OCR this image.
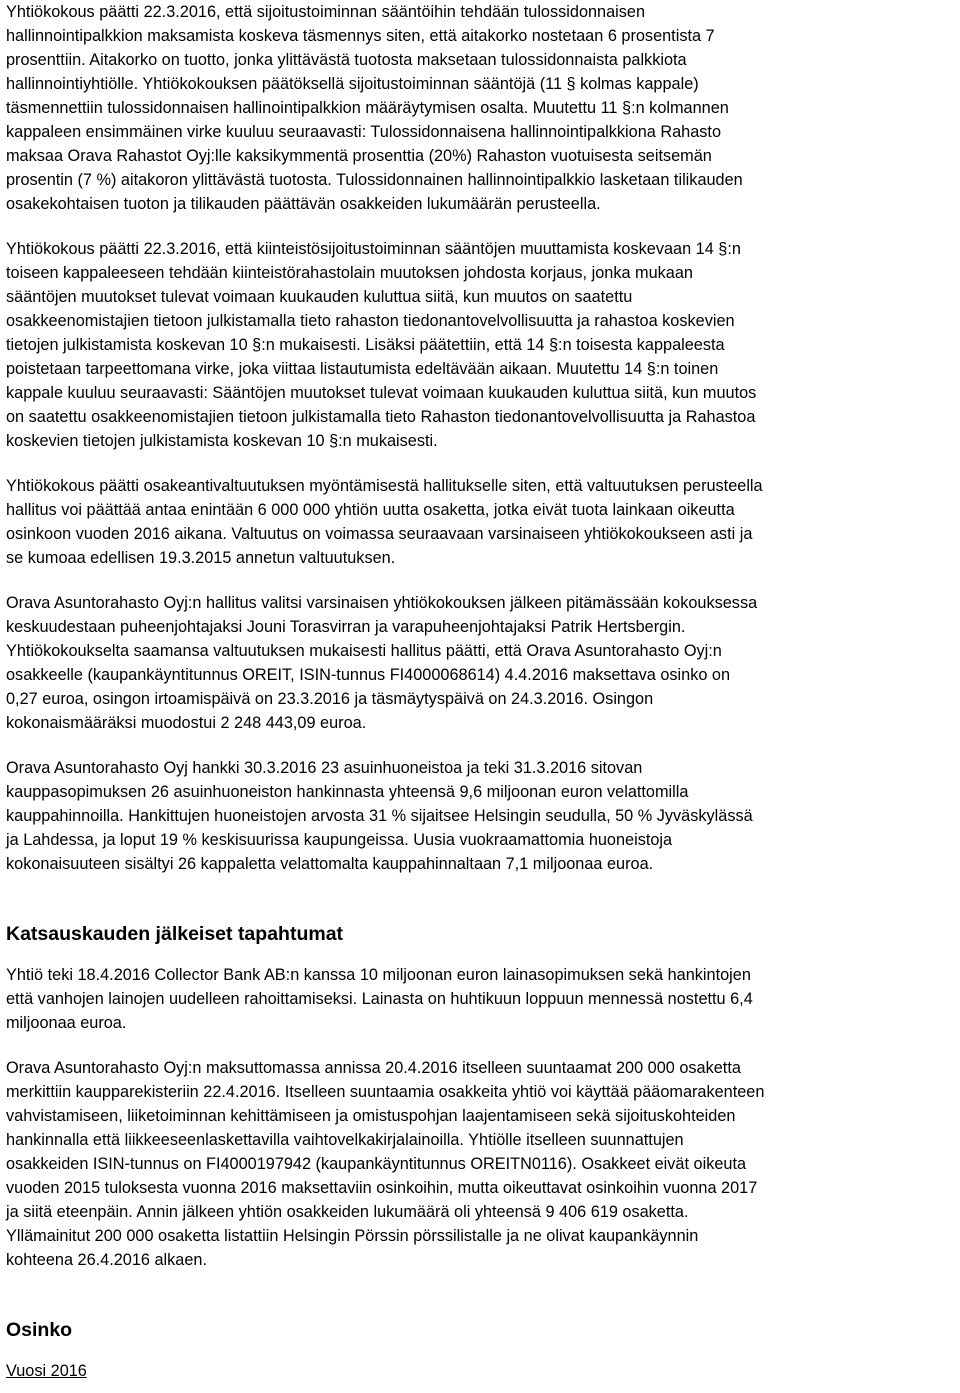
Yhtiökokous päätti 22.3.2016, että sijoitustoiminnan sääntöihin tehdään tulossidonnaisen
hallinnointipalkkion maksamista koskeva täsmennys siten, että aitakorko nostetaan 6 prosentista 7
prosenttiin. Aitakorko on tuotto, jonka ylittävästä tuotosta maksetaan tulossidonnaista palkkiota
hallinnointiyhtiölle. Yhtiökokouksen päätöksellä sijoitustoiminnan sääntöjä (11 § kolmas kappale)
täsmennettiin tulossidonnaisen hallinointipalkkion määräytymisen osalta. Muutettu 11 §:n kolmannen
kappaleen ensimmäinen virke kuuluu seuraavasti: Tulossidonnaisena hallinnointipalkkiona Rahasto
maksaa Orava Rahastot Oyj:lle kaksikymmentä prosenttia (20%) Rahaston vuotuisesta seitsemän
prosentin (7 %) aitakoron ylittävästä tuotosta. Tulossidonnainen hallinnointipalkkio lasketaan tilikauden
osakekohtaisen tuoton ja tilikauden päättävän osakkeiden lukumäärän perusteella.

Yhtiökokous päätti 22.3.2016, että kiinteistösijoitustoiminnan sääntöjen muuttamista koskevaan 14 §:n
toiseen kappaleeseen tehdään kiinteistörahastolain muutoksen johdosta korjaus, jonka mukaan
sääntöjen muutokset tulevat voimaan kuukauden kuluttua siitä, kun muutos on saatettu
osakkeenomistajien tietoon julkistamalla tieto rahaston tiedonantovelvollisuutta ja rahastoa koskevien
tietojen julkistamista koskevan 10 §:n mukaisesti. Lisäksi päätettiin, että 14 §:n toisesta kappaleesta
poistetaan tarpeettomana virke, joka viittaa listautumista edeltävään aikaan. Muutettu 14 §:n toinen
kappale kuuluu seuraavasti: Sääntöjen muutokset tulevat voimaan kuukauden kuluttua siitä, kun muutos
on saatettu osakkeenomistajien tietoon julkistamalla tieto Rahaston tiedonantovelvollisuutta ja Rahastoa
koskevien tietojen julkistamista koskevan 10 §:n mukaisesti.

Yhtiökokous päätti osakeantivaltuutuksen myöntämisestä hallitukselle siten, että valtuutuksen perusteella
hallitus voi päättää antaa enintään 6 000 000 yhtiön uutta osaketta, jotka eivät tuota lainkaan oikeutta
osinkoon vuoden 2016 aikana. Valtuutus on voimassa seuraavaan varsinaiseen yhtiökokoukseen asti ja
se kumoaa edellisen 19.3.2015 annetun valtuutuksen.

Orava Asuntorahasto Oyj:n hallitus valitsi varsinaisen yhtiökokouksen jälkeen pitämässään kokouksessa
keskuudestaan puheenjohtajaksi Jouni Torasvirran ja varapuheenjohtajaksi Patrik Hertsbergin.
Yhtiökokoukselta saamansa valtuutuksen mukaisesti hallitus päätti, että Orava Asuntorahasto Oyj:n
osakkeelle (kaupankäyntitunnus OREIT, ISIN-tunnus FI4000068614) 4.4.2016 maksettava osinko on
0,27 euroa, osingon irtoamispäivä on 23.3.2016 ja täsmäytyspäivä on 24.3.2016. Osingon
kokonaismääräksi muodostui 2 248 443,09 euroa.

Orava Asuntorahasto Oyj hankki 30.3.2016 23 asuinhuoneistoa ja teki 31.3.2016 sitovan
kauppasopimuksen 26 asuinhuoneiston hankinnasta yhteensä 9,6 miljoonan euron velattomilla
kauppahinnoilla. Hankittujen huoneistojen arvosta 31 % sijaitsee Helsingin seudulla, 50 % Jyväskylässä
ja Lahdessa, ja loput 19 % keskisuurissa kaupungeissa. Uusia vuokraamattomia huoneistoja
kokonaisuuteen sisältyi 26 kappaletta velattomalta kauppahinnaltaan 7,1 miljoonaa euroa.

Katsauskauden jälkeiset tapahtumat

Yhtiö teki 18.4.2016 Collector Bank AB:n kanssa 10 miljoonan euron lainasopimuksen sekä hankintojen
että vanhojen lainojen uudelleen rahoittamiseksi. Lainasta on huhtikuun loppuun mennessä nostettu 6,4
miljoonaa euroa.

Orava Asuntorahasto Oyj:n maksuttomassa annissa 20.4.2016 itselleen suuntaamat 200 000 osaketta
merkittiin kaupparekisteriin 22.4.2016. Itselleen suuntaamia osakkeita yhtiö voi käyttää pääomarakenteen
vahvistamiseen, liiketoiminnan kehittämiseen ja omistuspohjan laajentamiseen sekä sijoituskohteiden
hankinnalla että liikkeeseenlaskettavilla vaihtovelkakirjalainoilla. Yhtiölle itselleen suunnattujen
osakkeiden ISIN-tunnus on FI4000197942 (kaupankäyntitunnus OREITN0116). Osakkeet eivät oikeuta
vuoden 2015 tuloksesta vuonna 2016 maksettaviin osinkoihin, mutta oikeuttavat osinkoihin vuonna 2017
ja siitä eteenpäin. Annin jälkeen yhtiön osakkeiden lukumäärä oli yhteensä 9 406 619 osaketta.
Yllämainitut 200 000 osaketta listattiin Helsingin Pörssin pörssilistalle ja ne olivat kaupankäynnin
kohteena 26.4.2016 alkaen.

Osinko

Vuosi 2016
